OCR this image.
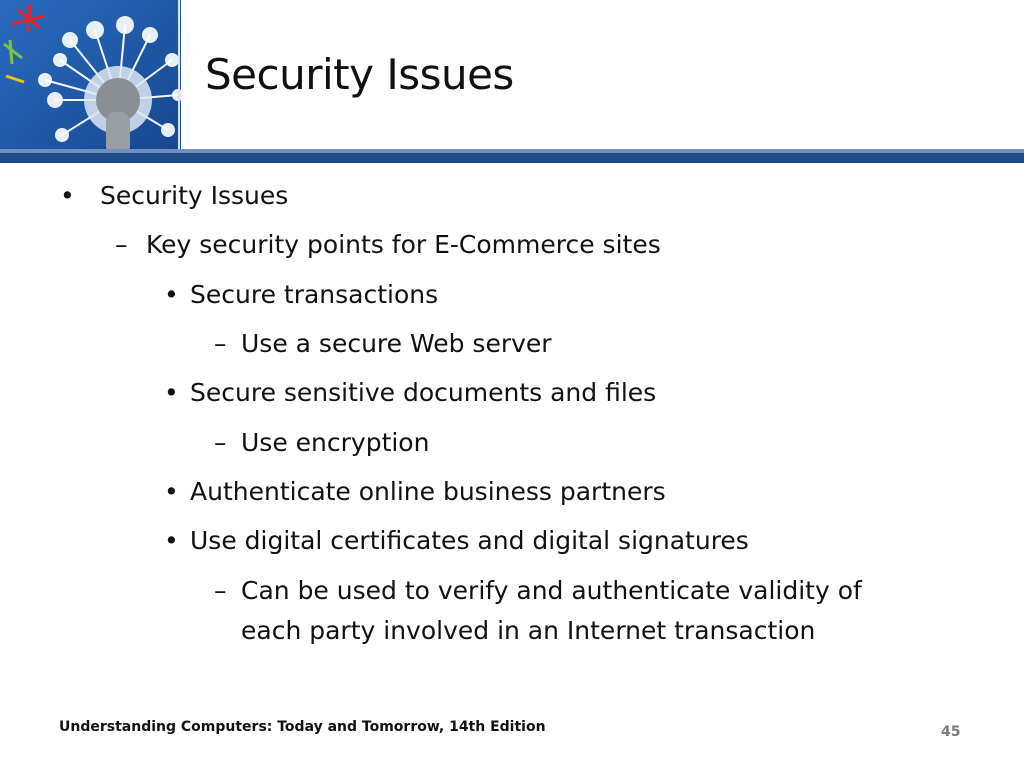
Security Issues
• Security Issues
– Key security points for E-Commerce sites
• Secure transactions
– Use a secure Web server
• Secure sensitive documents and files
– Use encryption
• Authenticate online business partners
• Use digital certificates and digital signatures
– Can be used to verify and authenticate validity of
each party involved in an Internet transaction
Understanding Computers: Today and Tomorrow, 14th Edition	45
